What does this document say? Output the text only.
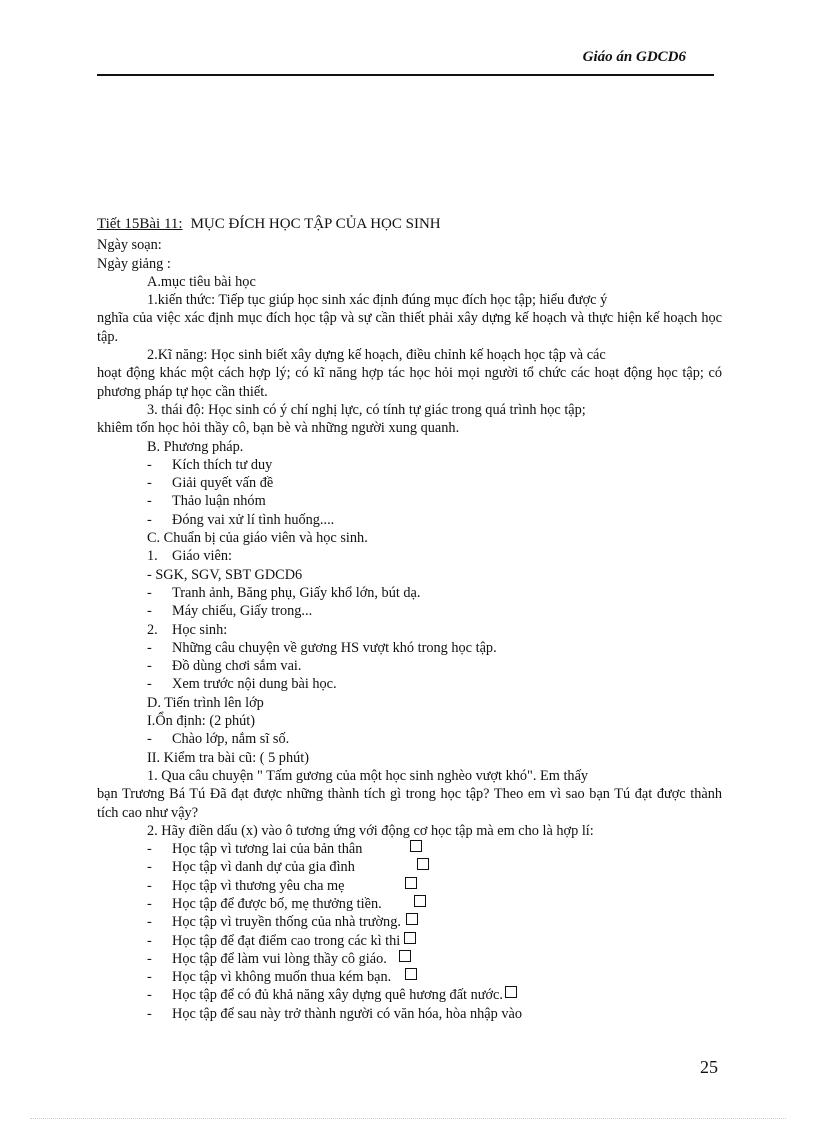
Giáo án GDCD6

Tiết 15Bài 11: MỤC ĐÍCH HỌC TẬP CỦA HỌC SINH

Ngày soạn:

Ngày giảng :

A.mục tiêu bài học

1.kiến thức: Tiếp tục giúp học sinh xác định đúng mục đích học tập; hiểu được ý

nghĩa của việc xác định mục đích học tập và sự cần thiết phải xây dựng kế hoạch và thực hiện kế hoạch học tập.

2.Kĩ năng: Học sinh biết xây dựng kế hoạch, điều chỉnh kế hoạch học tập và các

hoạt động khác một cách hợp lý; có kĩ năng hợp tác học hỏi mọi người tổ chức các hoạt động học tập; có phương pháp tự học cần thiết.

3. thái độ: Học sinh có ý chí nghị lực, có tính tự giác trong quá trình học tập;

khiêm tốn học hỏi thầy cô, bạn bè và những người xung quanh.

B. Phương pháp.

- Kích thích tư duy

- Giải quyết vấn đề

- Thảo luận nhóm

- Đóng vai xử lí tình huống....

C. Chuẩn bị của giáo viên và học sinh.

1. Giáo viên:

- SGK, SGV, SBT GDCD6

- Tranh ảnh, Băng phụ, Giấy khổ lớn, bút dạ.

- Máy chiếu, Giấy trong...

2. Học sinh:

- Những câu chuyện về gương HS vượt khó trong học tập.

- Đồ dùng chơi sắm vai.

- Xem trước nội dung bài học.

D. Tiến trình lên lớp

I.Ổn định: (2 phút)

- Chào lớp, nắm sĩ số.

II. Kiểm tra bài cũ: ( 5 phút)

1. Qua câu chuyện " Tấm gương của một học sinh nghèo vượt khó". Em thấy

bạn Trương Bá Tú Đã đạt được những thành tích gì trong học tập? Theo em vì sao bạn Tú đạt được thành tích cao như vậy?

2. Hãy điền dấu (x) vào ô tương ứng với động cơ học tập mà em cho là hợp lí:

- Học tập vì tương lai của bản thân

- Học tập vì danh dự của gia đình

- Học tập vì thương yêu cha mẹ

- Học tập để được bố, mẹ thưởng tiền.

- Học tập vì truyền thống của nhà trường.

- Học tập để đạt điểm cao trong các kì thi

- Học tập để làm vui lòng thầy cô giáo.

- Học tập vì không muốn thua kém bạn.

- Học tập để có đủ khả năng xây dựng quê hương đất nước.

- Học tập để sau này trở thành người có văn hóa, hòa nhập vào

25
